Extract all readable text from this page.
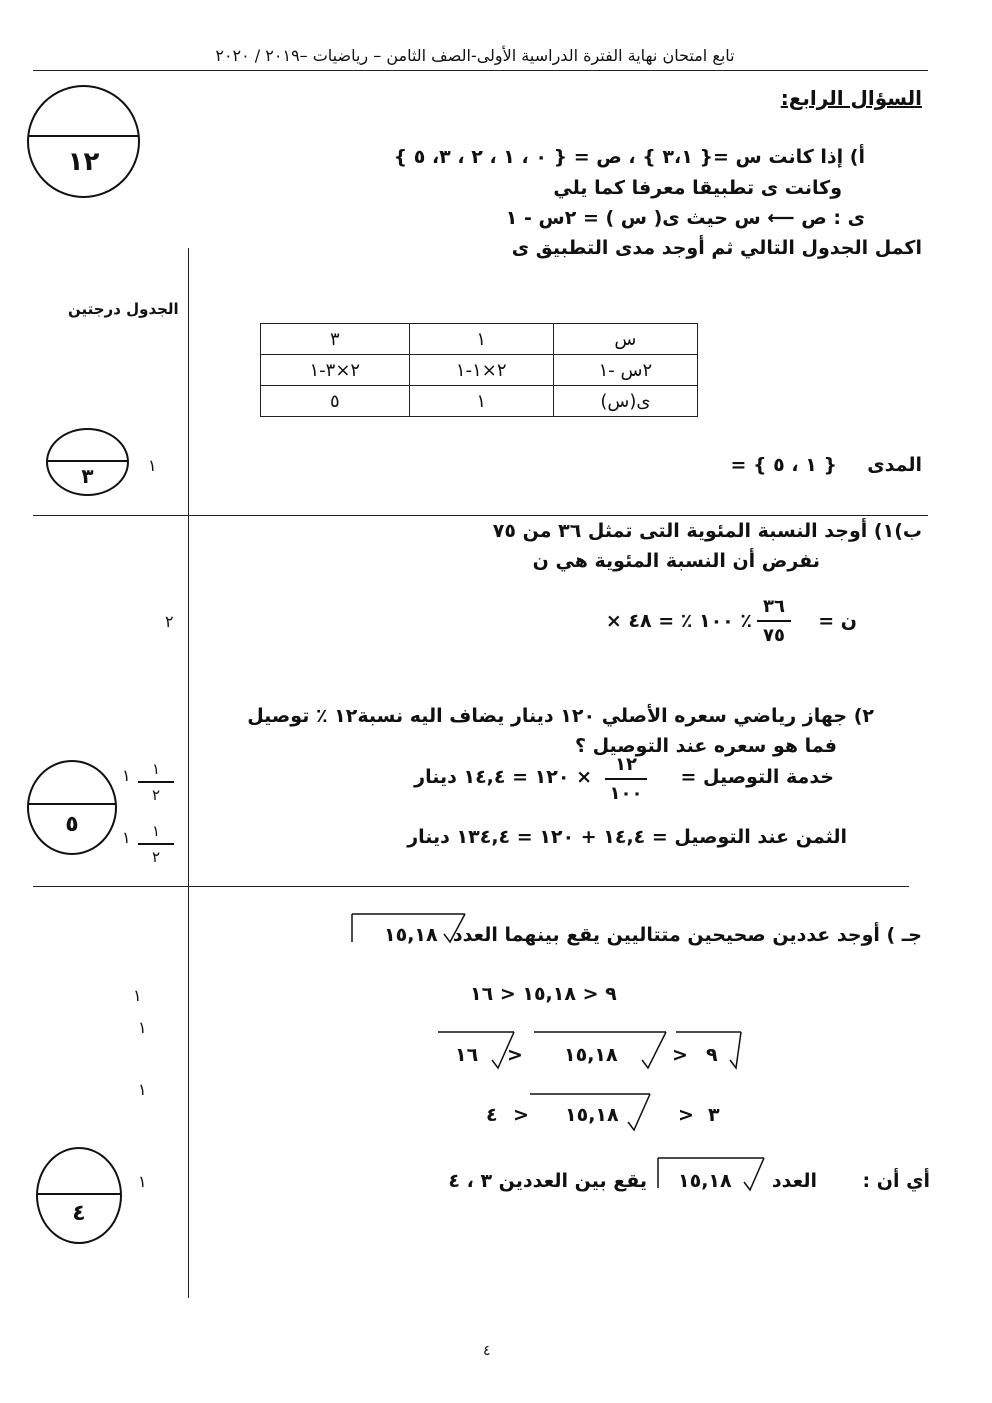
تابع امتحان نهاية الفترة الدراسية الأولى-الصف الثامن – رياضيات –٢٠١٩ / ٢٠٢٠
السؤال الرابع:
١٢	أ) إذا كانت س ={ ٣،١ } ، ص = { ٠ ، ١ ، ٢ ، ٣، ٥ }
وكانت ى تطبيقا معرفا كما يلي
ى : ص ⟵ س حيث ى( س ) = ٢س - ١
اكمل الجدول التالي ثم أوجد مدى التطبيق ى
الجدول درجتين
س	١	٣
٢س -١	٢×١-١	٢×٣-١
ى(س)	١	٥
المدى
= { ١ ، ٥ }
١
٣
ب)١) أوجد النسبة المئوية التى تمثل ٣٦ من ٧٥
نفرض أن النسبة المئوية هي ن
ن =
٣٦
٧٥
× ١٠٠ ٪ = ٤٨ ٪
٢
٢) جهاز رياضي سعره الأصلي ١٢٠ دينار يضاف اليه نسبة١٢ ٪ توصيل
فما هو سعره عند التوصيل ؟
خدمة التوصيل =
١٢
١٠٠
× ١٢٠ = ١٤,٤ دينار
الثمن عند التوصيل = ١٤,٤ + ١٢٠ = ١٣٤,٤ دينار
١	١
٢
١	١
٢
٥
جـ ) أوجد عددين صحيحين متتاليين يقع بينهما العدد
١٥,١٨
٩ < ١٥,١٨ < ١٦
١٦ > ١٥,١٨	> ٩
٤ > ١٥,١٨	> ٣
أي أن :
العدد
١٥,١٨
يقع بين العددين ٣ ، ٤
١
١
١
١
٤
٤
